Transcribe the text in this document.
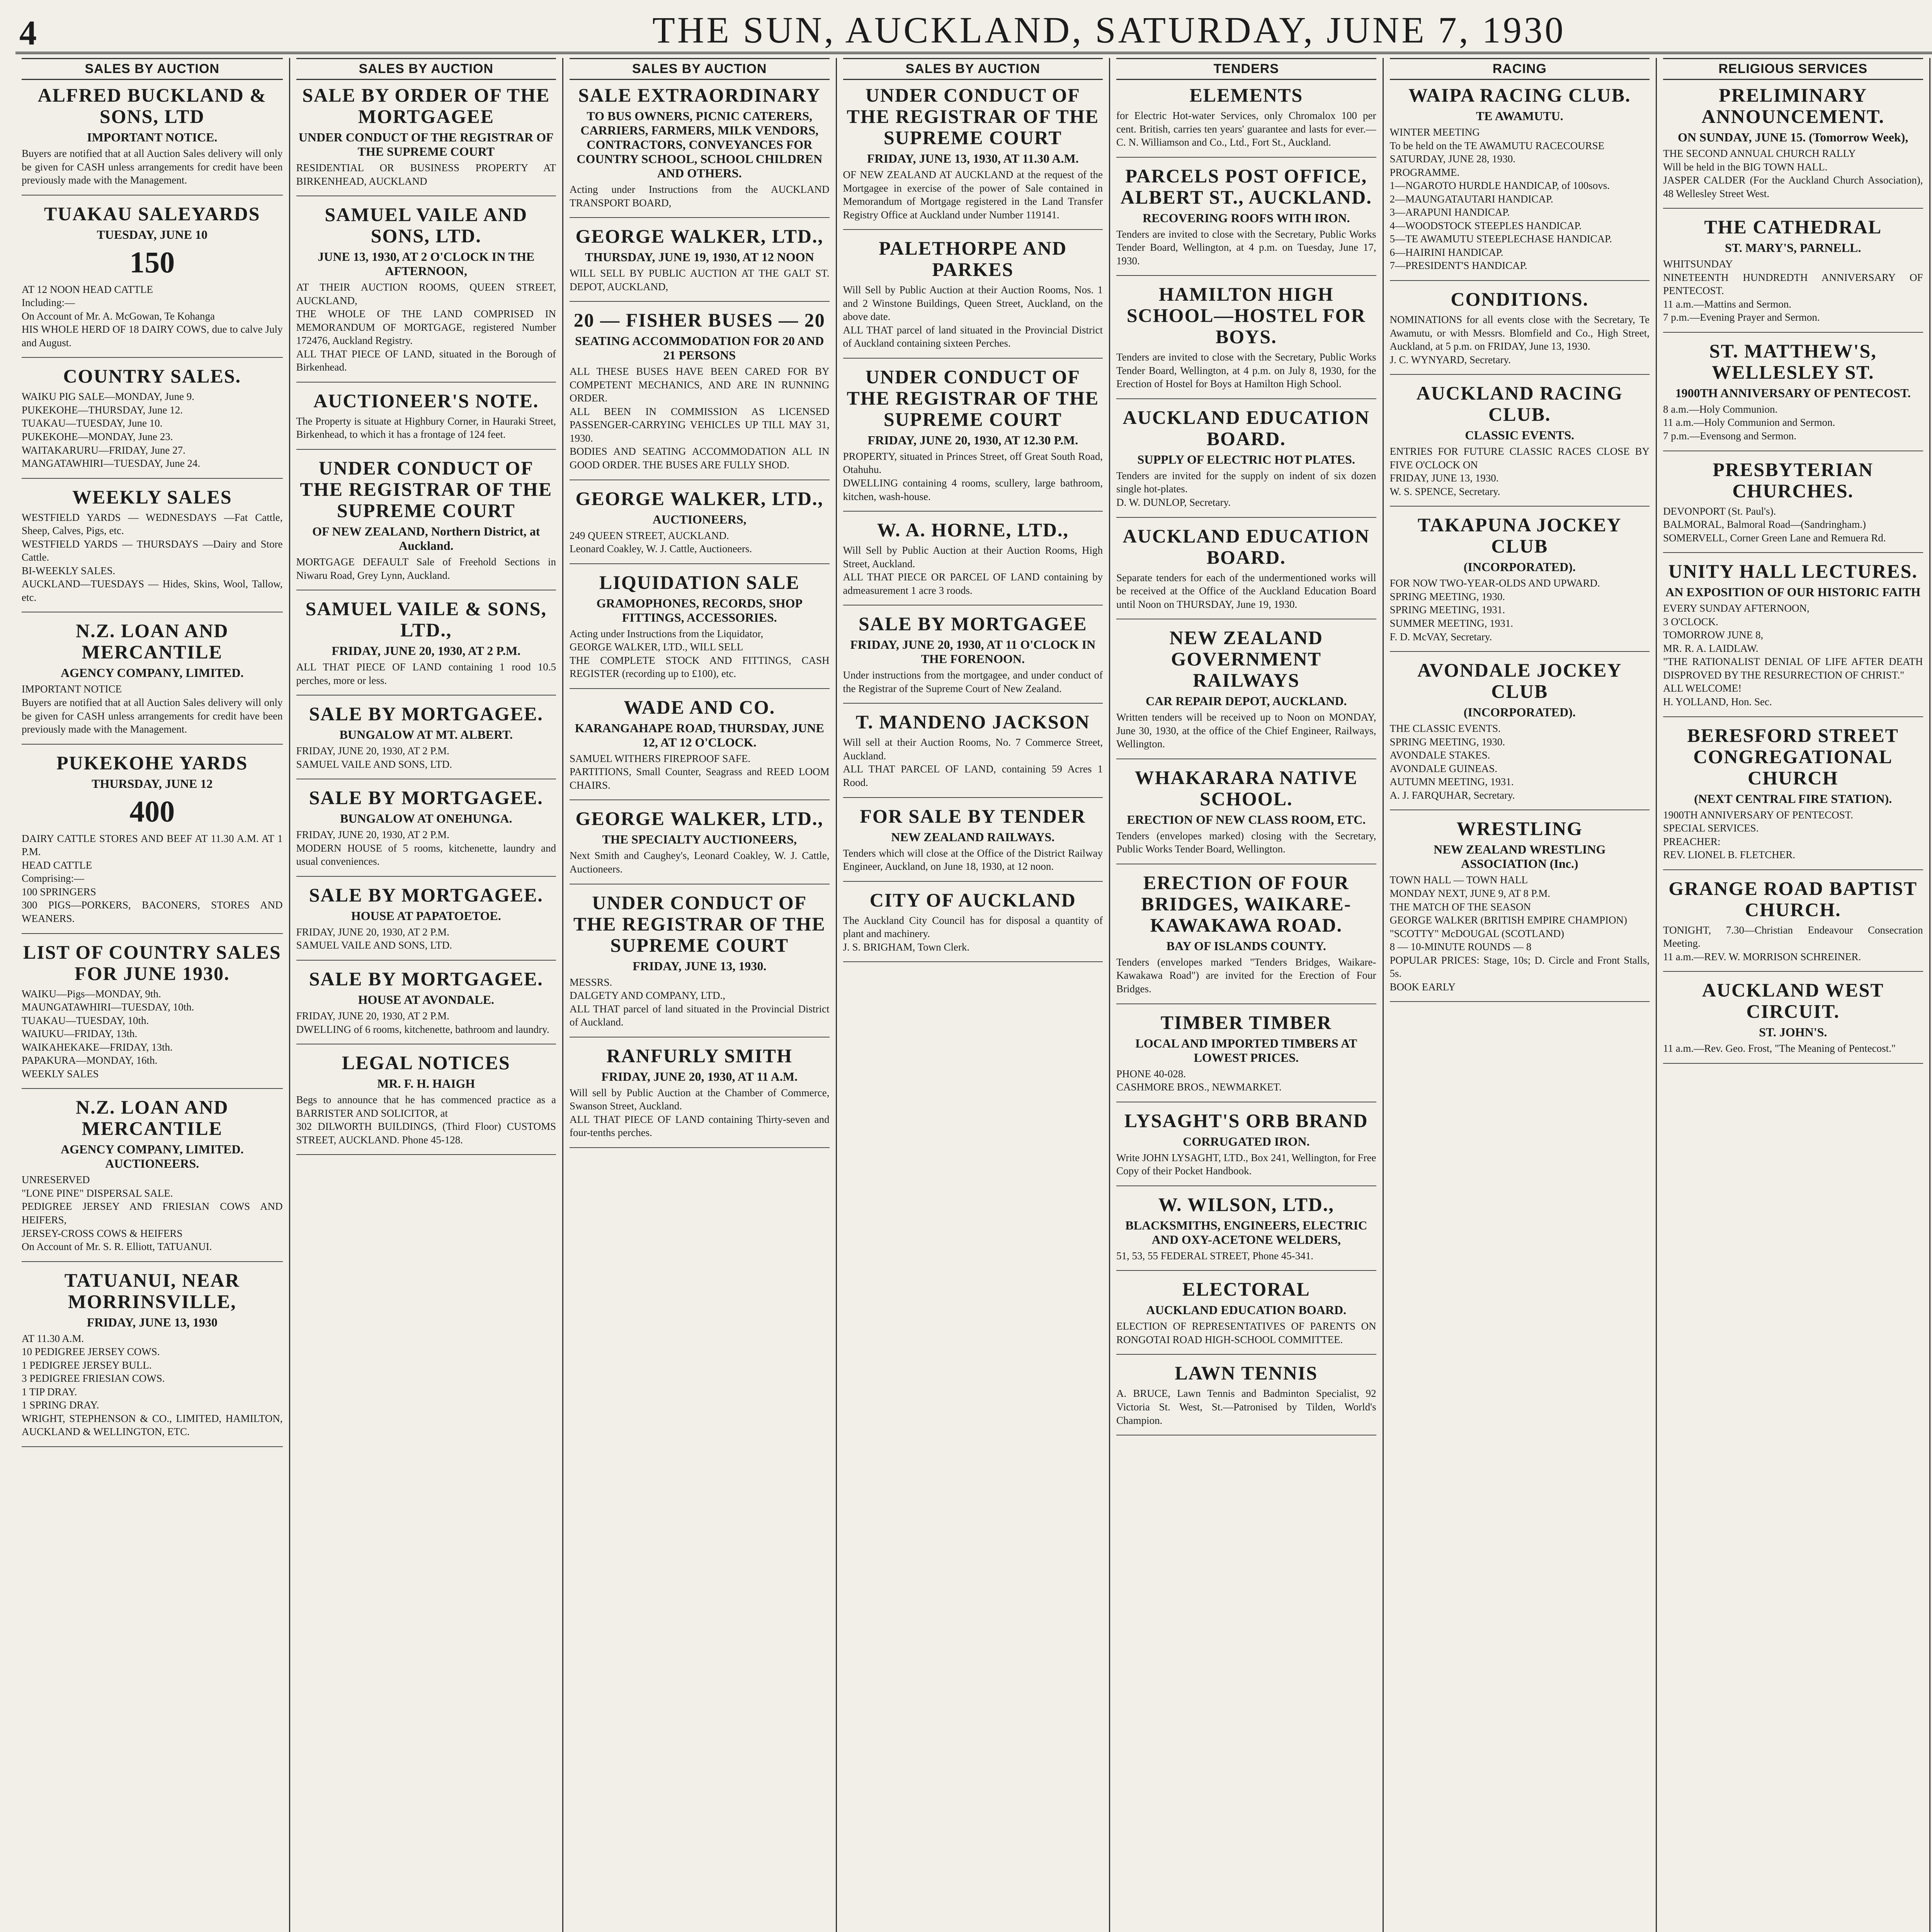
4	THE SUN, AUCKLAND, SATURDAY, JUNE 7, 1930
SALES BY AUCTION
ALFRED BUCKLAND & SONS, LTD
IMPORTANT NOTICE.
Buyers are notified that at all Auction Sales delivery will only be given for CASH unless arrangements for credit have been previously made with the Management.
TUAKAU SALEYARDS
TUESDAY, JUNE 10
150
AT 12 NOON HEAD CATTLE
Including:—
On Account of Mr. A. McGowan, Te Kohanga
HIS WHOLE HERD OF 18 DAIRY COWS, due to calve July and August.
COUNTRY SALES.
WAIKU PIG SALE—MONDAY, June 9.
PUKEKOHE—THURSDAY, June 12.
TUAKAU—TUESDAY, June 10.
PUKEKOHE—MONDAY, June 23.
WAITAKARURU—FRIDAY, June 27.
MANGATAWHIRI—TUESDAY, June 24.
WEEKLY SALES
WESTFIELD YARDS — WEDNESDAYS —Fat Cattle, Sheep, Calves, Pigs, etc.
WESTFIELD YARDS — THURSDAYS —Dairy and Store Cattle.
BI-WEEKLY SALES.
AUCKLAND—TUESDAYS — Hides, Skins, Wool, Tallow, etc.
N.Z. LOAN AND MERCANTILE
AGENCY COMPANY, LIMITED.
IMPORTANT NOTICE
Buyers are notified that at all Auction Sales delivery will only be given for CASH unless arrangements for credit have been previously made with the Management.
PUKEKOHE YARDS
THURSDAY, JUNE 12
400
DAIRY CATTLE STORES AND BEEF AT 11.30 A.M. AT 1 P.M.
HEAD CATTLE
Comprising:—
100 SPRINGERS
300 PIGS—PORKERS, BACONERS, STORES AND WEANERS.
LIST OF COUNTRY SALES FOR JUNE 1930.
WAIKU—Pigs—MONDAY, 9th.
MAUNGATAWHIRI—TUESDAY, 10th.
TUAKAU—TUESDAY, 10th.
WAIUKU—FRIDAY, 13th.
WAIKAHEKAKE—FRIDAY, 13th.
PAPAKURA—MONDAY, 16th.
WEEKLY SALES
N.Z. LOAN AND MERCANTILE
AGENCY COMPANY, LIMITED. AUCTIONEERS.
UNRESERVED
"LONE PINE" DISPERSAL SALE.
PEDIGREE JERSEY AND FRIESIAN COWS AND HEIFERS,
JERSEY-CROSS COWS & HEIFERS
On Account of Mr. S. R. Elliott, TATUANUI.
TATUANUI, NEAR MORRINSVILLE,
FRIDAY, JUNE 13, 1930
AT 11.30 A.M.
10 PEDIGREE JERSEY COWS.
1 PEDIGREE JERSEY BULL.
3 PEDIGREE FRIESIAN COWS.
1 TIP DRAY.
1 SPRING DRAY.
WRIGHT, STEPHENSON & CO., LIMITED, HAMILTON, AUCKLAND & WELLINGTON, ETC.
SALES BY AUCTION
SALE BY ORDER OF THE MORTGAGEE
UNDER CONDUCT OF THE REGISTRAR OF THE SUPREME COURT
RESIDENTIAL OR BUSINESS PROPERTY AT BIRKENHEAD, AUCKLAND
SAMUEL VAILE AND SONS, LTD.
JUNE 13, 1930, AT 2 O'CLOCK IN THE AFTERNOON,
AT THEIR AUCTION ROOMS, QUEEN STREET, AUCKLAND,
THE WHOLE OF THE LAND COMPRISED IN MEMORANDUM OF MORTGAGE, registered Number 172476, Auckland Registry.
ALL THAT PIECE OF LAND, situated in the Borough of Birkenhead.
AUCTIONEER'S NOTE.
The Property is situate at Highbury Corner, in Hauraki Street, Birkenhead, to which it has a frontage of 124 feet.
UNDER CONDUCT OF THE REGISTRAR OF THE SUPREME COURT
OF NEW ZEALAND, Northern District, at Auckland.
MORTGAGE DEFAULT Sale of Freehold Sections in Niwaru Road, Grey Lynn, Auckland.
SAMUEL VAILE & SONS, LTD.,
FRIDAY, JUNE 20, 1930, AT 2 P.M.
ALL THAT PIECE OF LAND containing 1 rood 10.5 perches, more or less.
SALE BY MORTGAGEE.
BUNGALOW AT MT. ALBERT.
FRIDAY, JUNE 20, 1930, AT 2 P.M.
SAMUEL VAILE AND SONS, LTD.
SALE BY MORTGAGEE.
BUNGALOW AT ONEHUNGA.
FRIDAY, JUNE 20, 1930, AT 2 P.M.
MODERN HOUSE of 5 rooms, kitchenette, laundry and usual conveniences.
SALE BY MORTGAGEE.
HOUSE AT PAPATOETOE.
FRIDAY, JUNE 20, 1930, AT 2 P.M.
SAMUEL VAILE AND SONS, LTD.
SALE BY MORTGAGEE.
HOUSE AT AVONDALE.
FRIDAY, JUNE 20, 1930, AT 2 P.M.
DWELLING of 6 rooms, kitchenette, bathroom and laundry.
LEGAL NOTICES
MR. F. H. HAIGH
Begs to announce that he has commenced practice as a BARRISTER AND SOLICITOR, at
302 DILWORTH BUILDINGS, (Third Floor) CUSTOMS STREET, AUCKLAND. Phone 45-128.
SALES BY AUCTION
SALE EXTRAORDINARY
TO BUS OWNERS, PICNIC CATERERS, CARRIERS, FARMERS, MILK VENDORS, CONTRACTORS, CONVEYANCES FOR COUNTRY SCHOOL, SCHOOL CHILDREN AND OTHERS.
Acting under Instructions from the AUCKLAND TRANSPORT BOARD,
GEORGE WALKER, LTD.,
THURSDAY, JUNE 19, 1930, AT 12 NOON
WILL SELL BY PUBLIC AUCTION AT THE GALT ST. DEPOT, AUCKLAND,
20 — FISHER BUSES — 20
SEATING ACCOMMODATION FOR 20 AND 21 PERSONS
ALL THESE BUSES HAVE BEEN CARED FOR BY COMPETENT MECHANICS, AND ARE IN RUNNING ORDER.
ALL BEEN IN COMMISSION AS LICENSED PASSENGER-CARRYING VEHICLES UP TILL MAY 31, 1930.
BODIES AND SEATING ACCOMMODATION ALL IN GOOD ORDER. THE BUSES ARE FULLY SHOD.
GEORGE WALKER, LTD.,
AUCTIONEERS,
249 QUEEN STREET, AUCKLAND.
Leonard Coakley, W. J. Cattle, Auctioneers.
LIQUIDATION SALE
GRAMOPHONES, RECORDS, SHOP FITTINGS, ACCESSORIES.
Acting under Instructions from the Liquidator,
GEORGE WALKER, LTD., WILL SELL
THE COMPLETE STOCK AND FITTINGS, CASH REGISTER (recording up to £100), etc.
WADE AND CO.
KARANGAHAPE ROAD, THURSDAY, JUNE 12, AT 12 O'CLOCK.
SAMUEL WITHERS FIREPROOF SAFE.
PARTITIONS, Small Counter, Seagrass and REED LOOM CHAIRS.
GEORGE WALKER, LTD.,
THE SPECIALTY AUCTIONEERS,
Next Smith and Caughey's, Leonard Coakley, W. J. Cattle, Auctioneers.
UNDER CONDUCT OF THE REGISTRAR OF THE SUPREME COURT
FRIDAY, JUNE 13, 1930.
MESSRS.
DALGETY AND COMPANY, LTD.,
ALL THAT parcel of land situated in the Provincial District of Auckland.
RANFURLY SMITH
FRIDAY, JUNE 20, 1930, AT 11 A.M.
Will sell by Public Auction at the Chamber of Commerce, Swanson Street, Auckland.
ALL THAT PIECE OF LAND containing Thirty-seven and four-tenths perches.
SALES BY AUCTION
UNDER CONDUCT OF THE REGISTRAR OF THE SUPREME COURT
FRIDAY, JUNE 13, 1930, AT 11.30 A.M.
OF NEW ZEALAND AT AUCKLAND at the request of the Mortgagee in exercise of the power of Sale contained in Memorandum of Mortgage registered in the Land Transfer Registry Office at Auckland under Number 119141.
PALETHORPE AND PARKES
Will Sell by Public Auction at their Auction Rooms, Nos. 1 and 2 Winstone Buildings, Queen Street, Auckland, on the above date.
ALL THAT parcel of land situated in the Provincial District of Auckland containing sixteen Perches.
UNDER CONDUCT OF THE REGISTRAR OF THE SUPREME COURT
FRIDAY, JUNE 20, 1930, AT 12.30 P.M.
PROPERTY, situated in Princes Street, off Great South Road, Otahuhu.
DWELLING containing 4 rooms, scullery, large bathroom, kitchen, wash-house.
W. A. HORNE, LTD.,
Will Sell by Public Auction at their Auction Rooms, High Street, Auckland.
ALL THAT PIECE OR PARCEL OF LAND containing by admeasurement 1 acre 3 roods.
SALE BY MORTGAGEE
FRIDAY, JUNE 20, 1930, AT 11 O'CLOCK IN THE FORENOON.
Under instructions from the mortgagee, and under conduct of the Registrar of the Supreme Court of New Zealand.
T. MANDENO JACKSON
Will sell at their Auction Rooms, No. 7 Commerce Street, Auckland.
ALL THAT PARCEL OF LAND, containing 59 Acres 1 Rood.
FOR SALE BY TENDER
NEW ZEALAND RAILWAYS.
Tenders which will close at the Office of the District Railway Engineer, Auckland, on June 18, 1930, at 12 noon.
CITY OF AUCKLAND
The Auckland City Council has for disposal a quantity of plant and machinery.
J. S. BRIGHAM, Town Clerk.
TENDERS
ELEMENTS
for Electric Hot-water Services, only Chromalox 100 per cent. British, carries ten years' guarantee and lasts for ever.—C. N. Williamson and Co., Ltd., Fort St., Auckland.
PARCELS POST OFFICE, ALBERT ST., AUCKLAND.
RECOVERING ROOFS WITH IRON.
Tenders are invited to close with the Secretary, Public Works Tender Board, Wellington, at 4 p.m. on Tuesday, June 17, 1930.
HAMILTON HIGH SCHOOL—HOSTEL FOR BOYS.
Tenders are invited to close with the Secretary, Public Works Tender Board, Wellington, at 4 p.m. on July 8, 1930, for the Erection of Hostel for Boys at Hamilton High School.
AUCKLAND EDUCATION BOARD.
SUPPLY OF ELECTRIC HOT PLATES.
Tenders are invited for the supply on indent of six dozen single hot-plates.
D. W. DUNLOP, Secretary.
AUCKLAND EDUCATION BOARD.
Separate tenders for each of the undermentioned works will be received at the Office of the Auckland Education Board until Noon on THURSDAY, June 19, 1930.
NEW ZEALAND GOVERNMENT RAILWAYS
CAR REPAIR DEPOT, AUCKLAND.
Written tenders will be received up to Noon on MONDAY, June 30, 1930, at the office of the Chief Engineer, Railways, Wellington.
WHAKARARA NATIVE SCHOOL.
ERECTION OF NEW CLASS ROOM, ETC.
Tenders (envelopes marked) closing with the Secretary, Public Works Tender Board, Wellington.
ERECTION OF FOUR BRIDGES, WAIKARE-KAWAKAWA ROAD.
BAY OF ISLANDS COUNTY.
Tenders (envelopes marked "Tenders Bridges, Waikare-Kawakawa Road") are invited for the Erection of Four Bridges.
TIMBER TIMBER
LOCAL AND IMPORTED TIMBERS AT LOWEST PRICES.
PHONE 40-028.
CASHMORE BROS., NEWMARKET.
LYSAGHT'S ORB BRAND
CORRUGATED IRON.
Write JOHN LYSAGHT, LTD., Box 241, Wellington, for Free Copy of their Pocket Handbook.
W. WILSON, LTD.,
BLACKSMITHS, ENGINEERS, ELECTRIC AND OXY-ACETONE WELDERS,
51, 53, 55 FEDERAL STREET, Phone 45-341.
ELECTORAL
AUCKLAND EDUCATION BOARD.
ELECTION OF REPRESENTATIVES OF PARENTS ON RONGOTAI ROAD HIGH-SCHOOL COMMITTEE.
LAWN TENNIS
A. BRUCE, Lawn Tennis and Badminton Specialist, 92 Victoria St. West, St.—Patronised by Tilden, World's Champion.
RACING
WAIPA RACING CLUB.
TE AWAMUTU.
WINTER MEETING
To be held on the TE AWAMUTU RACECOURSE
SATURDAY, JUNE 28, 1930.
PROGRAMME.
1—NGAROTO HURDLE HANDICAP, of 100sovs.
2—MAUNGATAUTARI HANDICAP.
3—ARAPUNI HANDICAP.
4—WOODSTOCK STEEPLES HANDICAP.
5—TE AWAMUTU STEEPLECHASE HANDICAP.
6—HAIRINI HANDICAP.
7—PRESIDENT'S HANDICAP.
CONDITIONS.
NOMINATIONS for all events close with the Secretary, Te Awamutu, or with Messrs. Blomfield and Co., High Street, Auckland, at 5 p.m. on FRIDAY, June 13, 1930.
J. C. WYNYARD, Secretary.
AUCKLAND RACING CLUB.
CLASSIC EVENTS.
ENTRIES FOR FUTURE CLASSIC RACES CLOSE BY FIVE O'CLOCK ON
FRIDAY, JUNE 13, 1930.
W. S. SPENCE, Secretary.
TAKAPUNA JOCKEY CLUB
(INCORPORATED).
FOR NOW TWO-YEAR-OLDS AND UPWARD.
SPRING MEETING, 1930.
SPRING MEETING, 1931.
SUMMER MEETING, 1931.
F. D. McVAY, Secretary.
AVONDALE JOCKEY CLUB
(INCORPORATED).
THE CLASSIC EVENTS.
SPRING MEETING, 1930.
AVONDALE STAKES.
AVONDALE GUINEAS.
AUTUMN MEETING, 1931.
A. J. FARQUHAR, Secretary.
WRESTLING
NEW ZEALAND WRESTLING ASSOCIATION (Inc.)
TOWN HALL — TOWN HALL
MONDAY NEXT, JUNE 9, AT 8 P.M.
THE MATCH OF THE SEASON
GEORGE WALKER (BRITISH EMPIRE CHAMPION)
"SCOTTY" McDOUGAL (SCOTLAND)
8 — 10-MINUTE ROUNDS — 8
POPULAR PRICES: Stage, 10s; D. Circle and Front Stalls, 5s.
BOOK EARLY
RELIGIOUS SERVICES
PRELIMINARY ANNOUNCEMENT.
ON SUNDAY, JUNE 15. (Tomorrow Week),
THE SECOND ANNUAL CHURCH RALLY
Will be held in the BIG TOWN HALL.
JASPER CALDER (For the Auckland Church Association), 48 Wellesley Street West.
THE CATHEDRAL
ST. MARY'S, PARNELL.
WHITSUNDAY
NINETEENTH HUNDREDTH ANNIVERSARY OF PENTECOST.
11 a.m.—Mattins and Sermon.
7 p.m.—Evening Prayer and Sermon.
ST. MATTHEW'S, WELLESLEY ST.
1900TH ANNIVERSARY OF PENTECOST.
8 a.m.—Holy Communion.
11 a.m.—Holy Communion and Sermon.
7 p.m.—Evensong and Sermon.
PRESBYTERIAN CHURCHES.
DEVONPORT (St. Paul's).
BALMORAL, Balmoral Road—(Sandringham.)
SOMERVELL, Corner Green Lane and Remuera Rd.
UNITY HALL LECTURES.
AN EXPOSITION OF OUR HISTORIC FAITH
EVERY SUNDAY AFTERNOON,
3 O'CLOCK.
TOMORROW JUNE 8,
MR. R. A. LAIDLAW.
"THE RATIONALIST DENIAL OF LIFE AFTER DEATH DISPROVED BY THE RESURRECTION OF CHRIST."
ALL WELCOME!
H. YOLLAND, Hon. Sec.
BERESFORD STREET CONGREGATIONAL CHURCH
(NEXT CENTRAL FIRE STATION).
1900TH ANNIVERSARY OF PENTECOST.
SPECIAL SERVICES.
PREACHER:
REV. LIONEL B. FLETCHER.
GRANGE ROAD BAPTIST CHURCH.
TONIGHT, 7.30—Christian Endeavour Consecration Meeting.
11 a.m.—REV. W. MORRISON SCHREINER.
AUCKLAND WEST CIRCUIT.
ST. JOHN'S.
11 a.m.—Rev. Geo. Frost, "The Meaning of Pentecost."
